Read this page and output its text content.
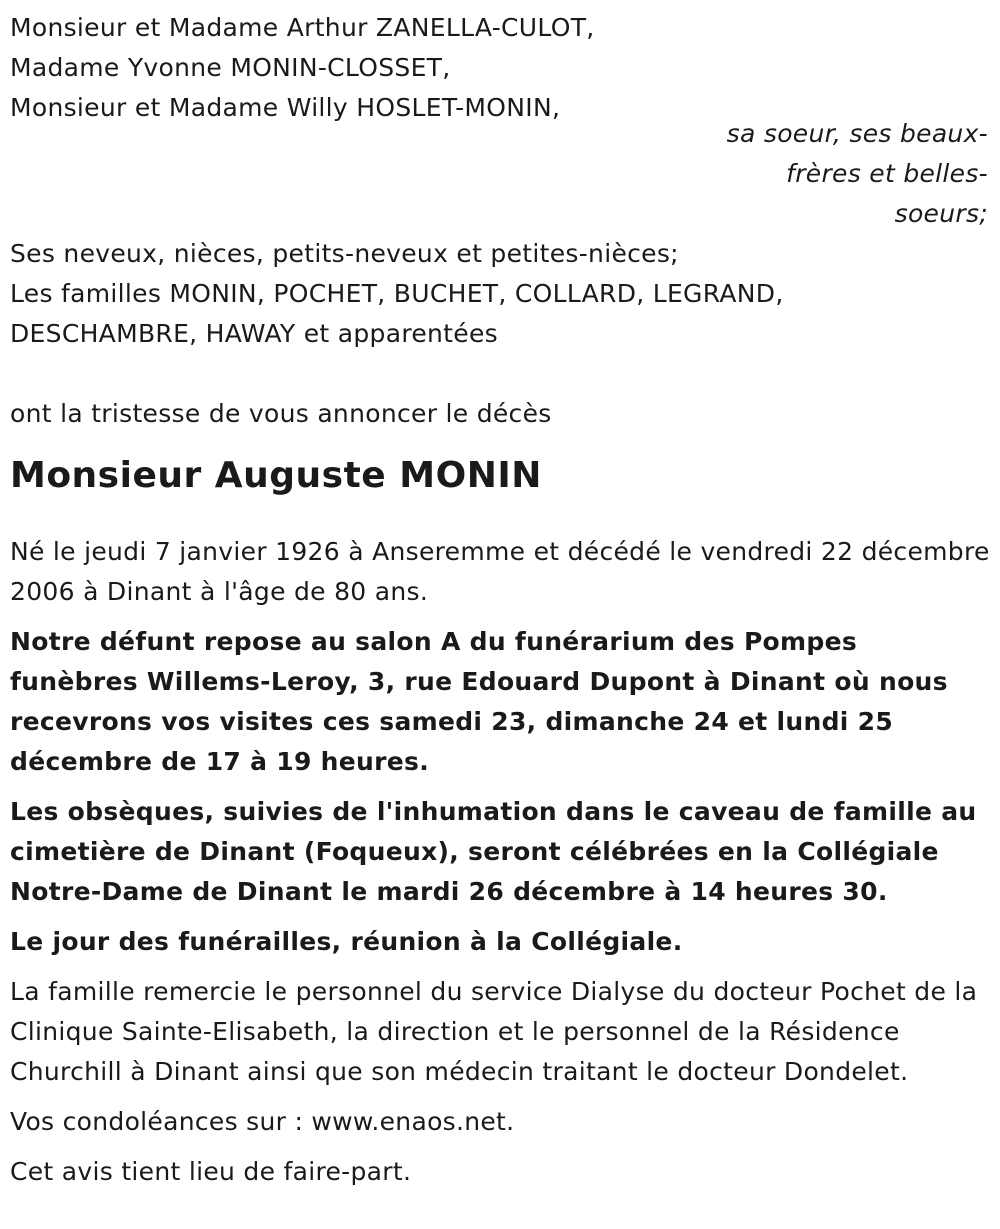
Monsieur et Madame Arthur ZANELLA-CULOT,
Madame Yvonne MONIN-CLOSSET,
Monsieur et Madame Willy HOSLET-MONIN,
sa soeur, ses beaux-
frères et belles-
soeurs;
Ses neveux, nièces, petits-neveux et petites-nièces;
Les familles MONIN, POCHET, BUCHET, COLLARD, LEGRAND,
DESCHAMBRE, HAWAY et apparentées
ont la tristesse de vous annoncer le décès
Monsieur Auguste MONIN
Né le jeudi 7 janvier 1926 à Anseremme et décédé le vendredi 22 décembre 2006 à Dinant à l'âge de 80 ans.
Notre défunt repose au salon A du funérarium des Pompes funèbres Willems-Leroy, 3, rue Edouard Dupont à Dinant où nous recevrons vos visites ces samedi 23, dimanche 24 et lundi 25 décembre de 17 à 19 heures.
Les obsèques, suivies de l'inhumation dans le caveau de famille au cimetière de Dinant (Foqueux), seront célébrées en la Collégiale Notre-Dame de Dinant le mardi 26 décembre à 14 heures 30.
Le jour des funérailles, réunion à la Collégiale.
La famille remercie le personnel du service Dialyse du docteur Pochet de la Clinique Sainte-Elisabeth, la direction et le personnel de la Résidence Churchill à Dinant ainsi que son médecin traitant le docteur Dondelet.
Vos condoléances sur : www.enaos.net.
Cet avis tient lieu de faire-part.
